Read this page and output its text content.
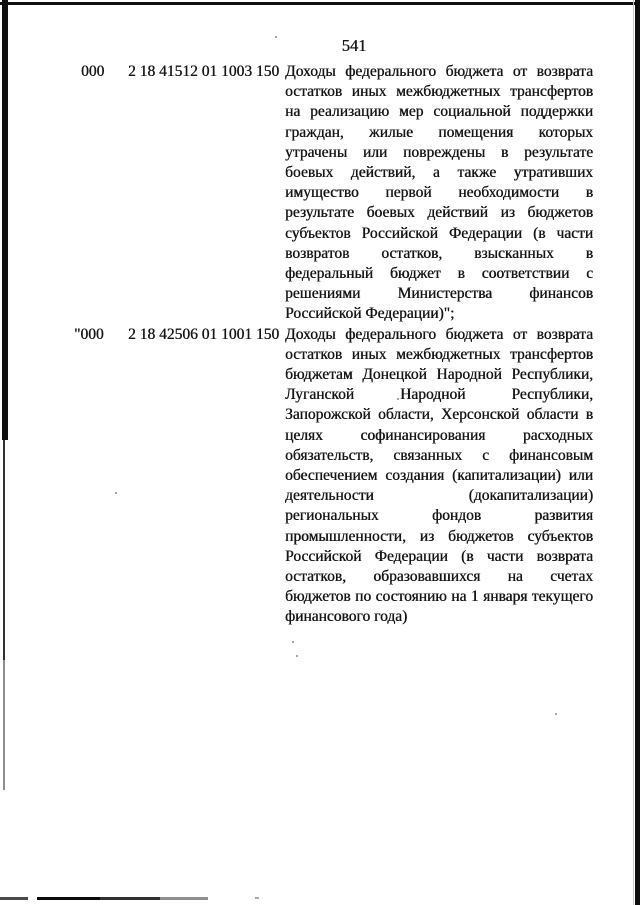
541
000	2 18 41512 01 1003 150 Доходы федерального бюджета от возврата
остатков иных межбюджетных трансфертов
на реализацию мер социальной поддержки
граждан, жилые помещения которых
утрачены или повреждены в результате
боевых действий, а также утративших
имущество первой необходимости в
результате боевых действий из бюджетов
субъектов Российской Федерации (в части
возвратов остатков, взысканных в
федеральный бюджет в соответствии с
решениями Министерства финансов
Российской Федерации)";
"000	2 18 42506 01 1001 150 Доходы федерального бюджета от возврата
остатков иных межбюджетных трансфертов
бюджетам Донецкой Народной Республики,
Луганской Народной Республики,
Запорожской области, Херсонской области в
целях софинансирования расходных
обязательств, связанных с финансовым
обеспечением создания (капитализации) или
деятельности (докапитализации)
региональных фондов развития
промышленности, из бюджетов субъектов
Российской Федерации (в части возврата
остатков, образовавшихся на счетах
бюджетов по состоянию на 1 января текущего
финансового года)
